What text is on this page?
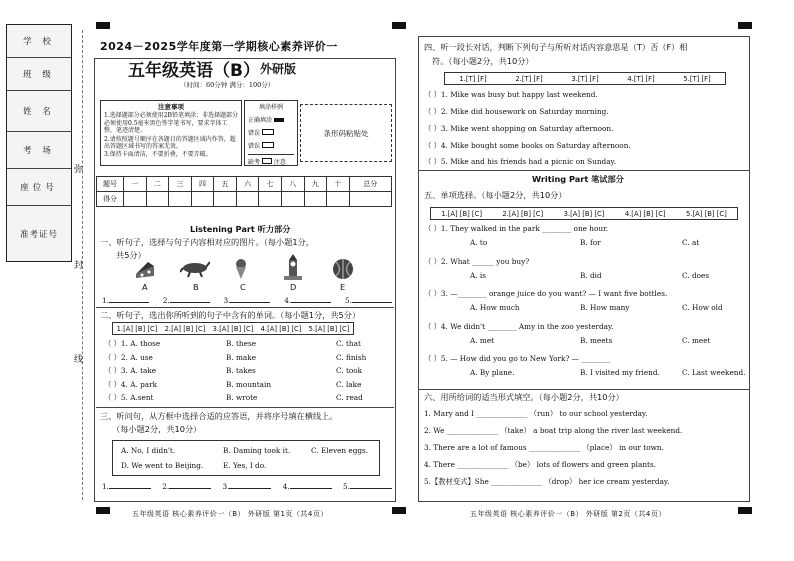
学 校
班 级
姓 名
考 场
座位号
准考证号
弥
封
线
2024－2025学年度第一学期核心素养评价一
五年级英语（B） 外研版
（时间：60分钟 满分：100分）
注意事项
1.选择题部分必须使用2B铅笔填涂；非选择题部分必须使用0.5毫米黑色签字笔书写，要求字体工整，笔迹清楚。
2.请按照题号顺序在各题目的答题区域内作答，超出答题区域书写的答案无效。
3.保持卡面清洁，不要折叠，不要弄破。
填涂样例
正确填涂
错误
错误
缺考 注意
条形码粘贴处
题号	一	二	三	四	五	六	七	八	九	十	总分
得分											
Listening Part 听力部分
一、听句子，选择与句子内容相对应的图片。（每小题1分，
共5分）
A	B	C	D	E
1.	2.	3.	4.	5.
二、听句子，选出你所听到的句子中含有的单词。（每小题1分，共5分）
1.[A] [B] [C]	2.[A] [B] [C]	3.[A] [B] [C]	4.[A] [B] [C]	5.[A] [B] [C]
（ ）1. A. those	B. these	C. that
（ ）2. A. use	B. make	C. finish
（ ）3. A. take	B. takes	C. took
（ ）4. A. park	B. mountain	C. lake
（ ）5. A.sent	B. wrote	C. read
三、听问句，从方框中选择合适的应答语，并将序号填在横线上。
（每小题2分，共10分）
A. No, I didn't.	B. Daming took it.	C. Eleven eggs.
D. We went to Beijing.	E. Yes, I do.
1.	2.	3.	4.	5.
五年级英语 核心素养评价一（B） 外研版 第1页（共4页）
四、听一段长对话，判断下列句子与所听对话内容意思是（T）否（F）相
符。（每小题2分，共10分）
1.[T] [F]	2.[T] [F]	3.[T] [F]	4.[T] [F]	5.[T] [F]
（ ）1. Mike was busy but happy last weekend.
（ ）2. Mike did housework on Saturday morning.
（ ）3. Mike went shopping on Saturday afternoon.
（ ）4. Mike bought some books on Saturday afternoon.
（ ）5. Mike and his friends had a picnic on Sunday.
Writing Part 笔试部分
五、单项选择。（每小题2分，共10分）
1.[A] [B] [C]	2.[A] [B] [C]	3.[A] [B] [C]	4.[A] [B] [C]	5.[A] [B] [C]
（ ）1. They walked in the park ________ one hour.
A. to	B. for	C. at
（ ）2. What ______ you buy?
A. is	B. did	C. does
（ ）3. —________ orange juice do you want? — I want five bottles.
A. How much	B. How many	C. How old
（ ）4. We didn't ________ Amy in the zoo yesterday.
A. met	B. meets	C. meet
（ ）5. — How did you go to New York? — ________
A. By plane.	B. I visited my friend.	C. Last weekend.
六、用所给词的适当形式填空。（每小题2分，共10分）
1. Mary and I ______________ （run） to our school yesterday.
2. We ______________ （take） a boat trip along the river last weekend.
3. There are a lot of famous ______________ （place） in our town.
4. There ______________ （be） lots of flowers and green plants.
5.【教材变式】She ______________ （drop） her ice cream yesterday.
五年级英语 核心素养评价一（B） 外研版 第2页（共4页）
